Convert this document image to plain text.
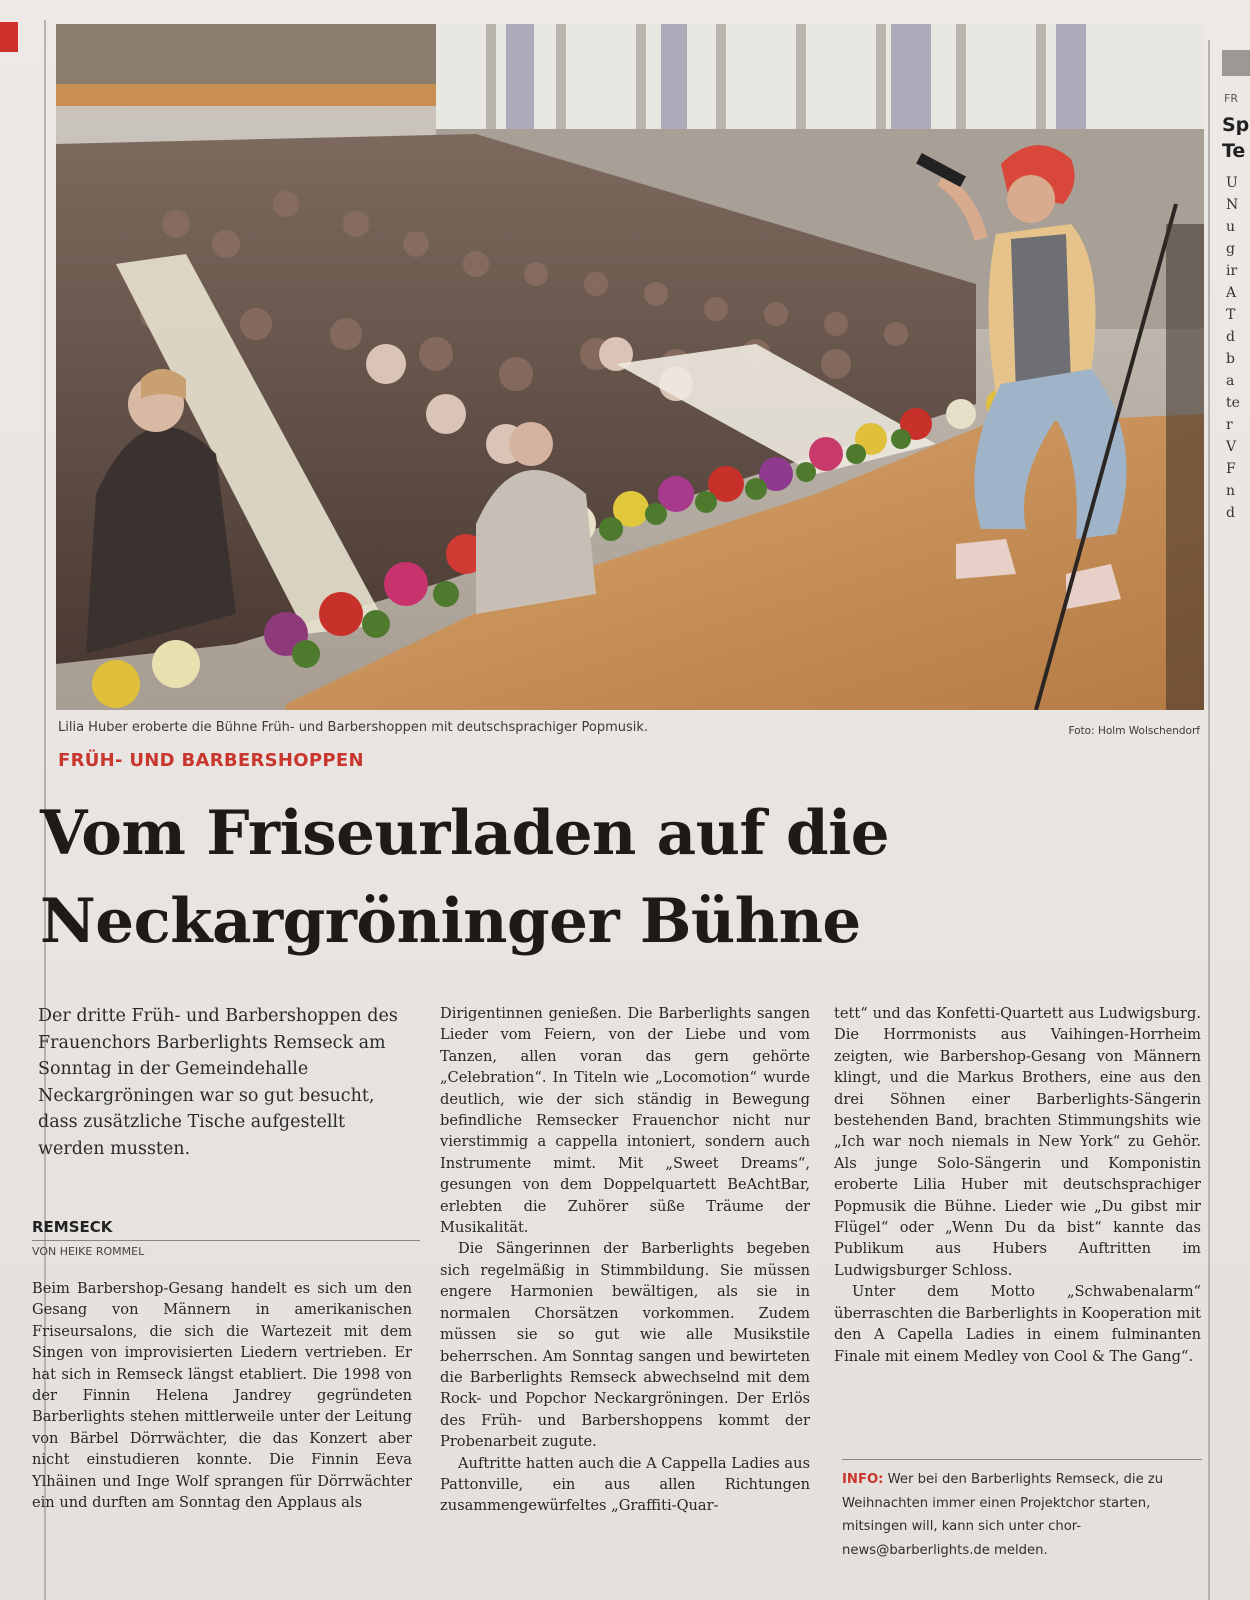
Lilia Huber eroberte die Bühne Früh- und Barbershoppen mit deutschsprachiger Popmusik.	Foto: Holm Wolschendorf
FRÜH- UND BARBERSHOPPEN
Vom Friseurladen auf die
Neckargröninger Bühne
Der dritte Früh- und Barbershoppen des Frauenchors Barberlights Remseck am Sonntag in der Gemeindehalle Neckargröningen war so gut besucht, dass zusätzliche Tische aufgestellt werden mussten.
REMSECK
VON HEIKE ROMMEL

Beim Barbershop-Gesang handelt es sich um den Gesang von Männern in amerikanischen Friseursalons, die sich die Wartezeit mit dem Singen von improvisierten Liedern vertrieben. Er hat sich in Remseck längst etabliert. Die 1998 von der Finnin Helena Jandrey gegründeten Barberlights stehen mittlerweile unter der Leitung von Bärbel Dörrwächter, die das Konzert aber nicht einstudieren konnte. Die Finnin Eeva Ylhäinen und Inge Wolf sprangen für Dörrwächter ein und durften am Sonntag den Applaus als

Dirigentinnen genießen. Die Barberlights sangen Lieder vom Feiern, von der Liebe und vom Tanzen, allen voran das gern gehörte „Celebration“. In Titeln wie „Locomotion“ wurde deutlich, wie der sich ständig in Bewegung befindliche Remsecker Frauenchor nicht nur vierstimmig a cappella intoniert, sondern auch Instrumente mimt. Mit „Sweet Dreams“, gesungen von dem Doppelquartett BeAchtBar, erlebten die Zuhörer süße Träume der Musikalität.

Die Sängerinnen der Barberlights begeben sich regelmäßig in Stimmbildung. Sie müssen engere Harmonien bewältigen, als sie in normalen Chorsätzen vorkommen. Zudem müssen sie so gut wie alle Musikstile beherrschen. Am Sonntag sangen und bewirteten die Barberlights Remseck abwechselnd mit dem Rock- und Popchor Neckargröningen. Der Erlös des Früh- und Barbershoppens kommt der Probenarbeit zugute.

Auftritte hatten auch die A Cappella Ladies aus Pattonville, ein aus allen Richtungen zusammengewürfeltes „Graffiti-Quar-

tett“ und das Konfetti-Quartett aus Ludwigsburg. Die Horrmonists aus Vaihingen-Horrheim zeigten, wie Barbershop-Gesang von Männern klingt, und die Markus Brothers, eine aus den drei Söhnen einer Barberlights-Sängerin bestehenden Band, brachten Stimmungshits wie „Ich war noch niemals in New York“ zu Gehör. Als junge Solo-Sängerin und Komponistin eroberte Lilia Huber mit deutschsprachiger Popmusik die Bühne. Lieder wie „Du gibst mir Flügel“ oder „Wenn Du da bist“ kannte das Publikum aus Hubers Auftritten im Ludwigsburger Schloss.

Unter dem Motto „Schwabenalarm“ überraschten die Barberlights in Kooperation mit den A Capella Ladies in einem fulminanten Finale mit einem Medley von Cool & The Gang“.

INFO: Wer bei den Barberlights Remseck, die zu Weihnachten immer einen Projektchor starten, mitsingen will, kann sich unter chor-news@barberlights.de melden.
FR
Sp
Te
U
N
u
g
ir
A
T
d
b
a
te
r
V
F
n
d
